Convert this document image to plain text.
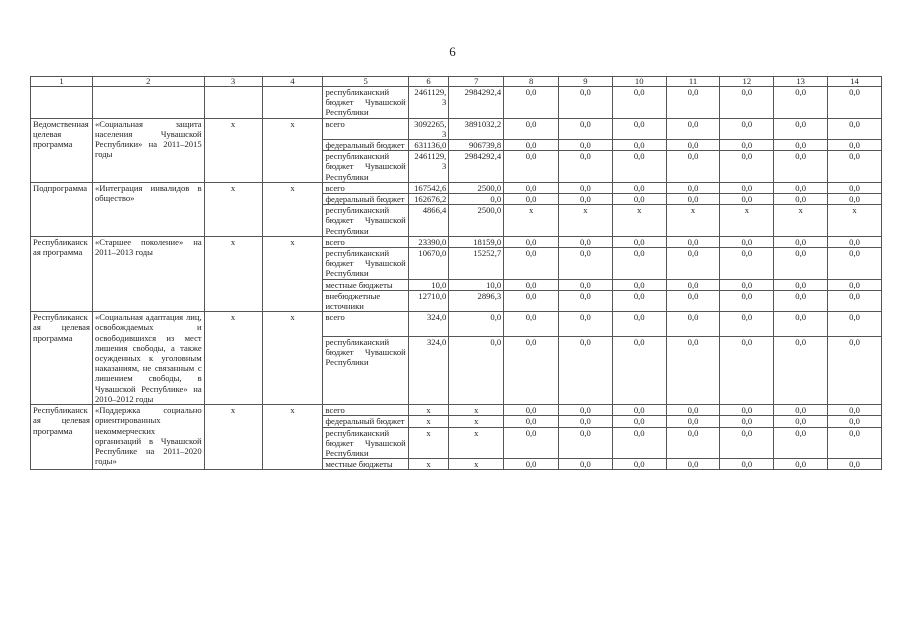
6
1	2	3	4	5	6	7	8	9	10	11	12	13	14
				республиканский бюджет Чувашской Республики	2461129,3	2984292,4	0,0	0,0	0,0	0,0	0,0	0,0	0,0
Ведомственная целевая программа	«Социальная защита населения Чувашской Республики» на 2011–2015 годы	х	х	всего	3092265,3	3891032,2	0,0	0,0	0,0	0,0	0,0	0,0	0,0
				федеральный бюджет	631136,0	906739,8	0,0	0,0	0,0	0,0	0,0	0,0	0,0
				республиканский бюджет Чувашской Республики	2461129,3	2984292,4	0,0	0,0	0,0	0,0	0,0	0,0	0,0
Подпрограмма	«Интеграция инвалидов в общество»	х	х	всего	167542,6	2500,0	0,0	0,0	0,0	0,0	0,0	0,0	0,0
				федеральный бюджет	162676,2	0,0	0,0	0,0	0,0	0,0	0,0	0,0	0,0
				республиканский бюджет Чувашской Республики	4866,4	2500,0	х	х	х	х	х	х	х
Республиканская программа	«Старшее поколение» на 2011–2013 годы	х	х	всего	23390,0	18159,0	0,0	0,0	0,0	0,0	0,0	0,0	0,0
				республиканский бюджет Чувашской Республики	10670,0	15252,7	0,0	0,0	0,0	0,0	0,0	0,0	0,0
				местные бюджеты	10,0	10,0	0,0	0,0	0,0	0,0	0,0	0,0	0,0
				внебюджетные источники	12710,0	2896,3	0,0	0,0	0,0	0,0	0,0	0,0	0,0
Республиканская целевая программа	«Социальная адаптация лиц, освобождаемых и освободившихся из мест лишения свободы, а также осужденных к уголовным наказаниям, не связанным с лишением свободы, в Чувашской Республике» на 2010–2012 годы	х	х	всего	324,0	0,0	0,0	0,0	0,0	0,0	0,0	0,0	0,0
				республиканский бюджет Чувашской Республики	324,0	0,0	0,0	0,0	0,0	0,0	0,0	0,0	0,0
Республиканская целевая программа	«Поддержка социально ориентированных некоммерческих организаций в Чувашской Республике на 2011–2020 годы»	х	х	всего	х	х	0,0	0,0	0,0	0,0	0,0	0,0	0,0
				федеральный бюджет	х	х	0,0	0,0	0,0	0,0	0,0	0,0	0,0
				республиканский бюджет Чувашской Республики	х	х	0,0	0,0	0,0	0,0	0,0	0,0	0,0
				местные бюджеты	х	х	0,0	0,0	0,0	0,0	0,0	0,0	0,0
